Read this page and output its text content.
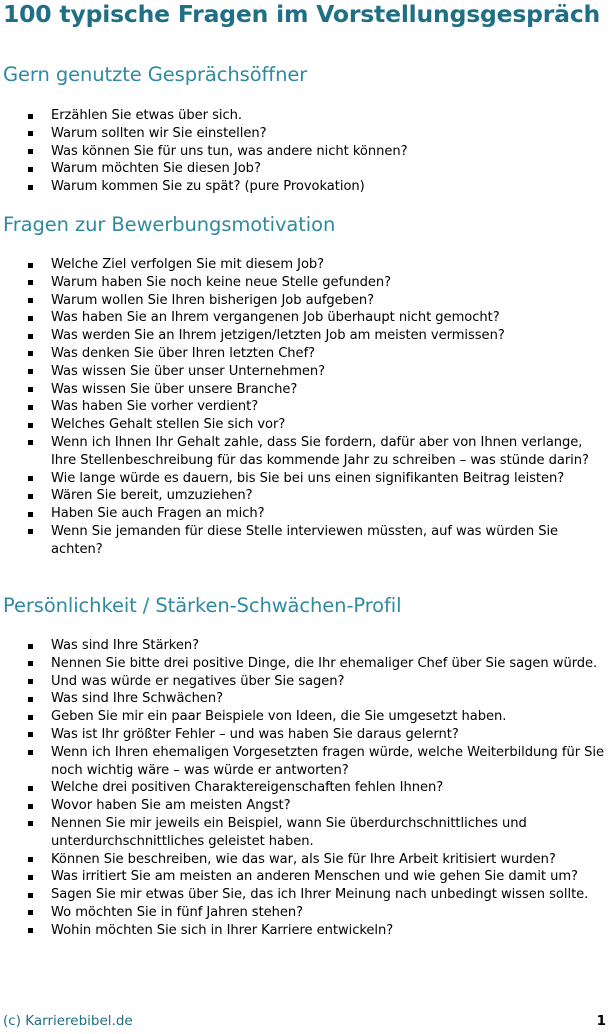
100 typische Fragen im Vorstellungsgespräch
Gern genutzte Gesprächsöffner
Erzählen Sie etwas über sich.
Warum sollten wir Sie einstellen?
Was können Sie für uns tun, was andere nicht können?
Warum möchten Sie diesen Job?
Warum kommen Sie zu spät? (pure Provokation)
Fragen zur Bewerbungsmotivation
Welche Ziel verfolgen Sie mit diesem Job?
Warum haben Sie noch keine neue Stelle gefunden?
Warum wollen Sie Ihren bisherigen Job aufgeben?
Was haben Sie an Ihrem vergangenen Job überhaupt nicht gemocht?
Was werden Sie an Ihrem jetzigen/letzten Job am meisten vermissen?
Was denken Sie über Ihren letzten Chef?
Was wissen Sie über unser Unternehmen?
Was wissen Sie über unsere Branche?
Was haben Sie vorher verdient?
Welches Gehalt stellen Sie sich vor?
Wenn ich Ihnen Ihr Gehalt zahle, dass Sie fordern, dafür aber von Ihnen verlange, Ihre Stellenbeschreibung für das kommende Jahr zu schreiben – was stünde darin?
Wie lange würde es dauern, bis Sie bei uns einen signifikanten Beitrag leisten?
Wären Sie bereit, umzuziehen?
Haben Sie auch Fragen an mich?
Wenn Sie jemanden für diese Stelle interviewen müssten, auf was würden Sie achten?
Persönlichkeit / Stärken-Schwächen-Profil
Was sind Ihre Stärken?
Nennen Sie bitte drei positive Dinge, die Ihr ehemaliger Chef über Sie sagen würde.
Und was würde er negatives über Sie sagen?
Was sind Ihre Schwächen?
Geben Sie mir ein paar Beispiele von Ideen, die Sie umgesetzt haben.
Was ist Ihr größter Fehler – und was haben Sie daraus gelernt?
Wenn ich Ihren ehemaligen Vorgesetzten fragen würde, welche Weiterbildung für Sie noch wichtig wäre – was würde er antworten?
Welche drei positiven Charaktereigenschaften fehlen Ihnen?
Wovor haben Sie am meisten Angst?
Nennen Sie mir jeweils ein Beispiel, wann Sie überdurchschnittliches und unterdurchschnittliches geleistet haben.
Können Sie beschreiben, wie das war, als Sie für Ihre Arbeit kritisiert wurden?
Was irritiert Sie am meisten an anderen Menschen und wie gehen Sie damit um?
Sagen Sie mir etwas über Sie, das ich Ihrer Meinung nach unbedingt wissen sollte.
Wo möchten Sie in fünf Jahren stehen?
Wohin möchten Sie sich in Ihrer Karriere entwickeln?
(c) Karrierebibel.de	1
